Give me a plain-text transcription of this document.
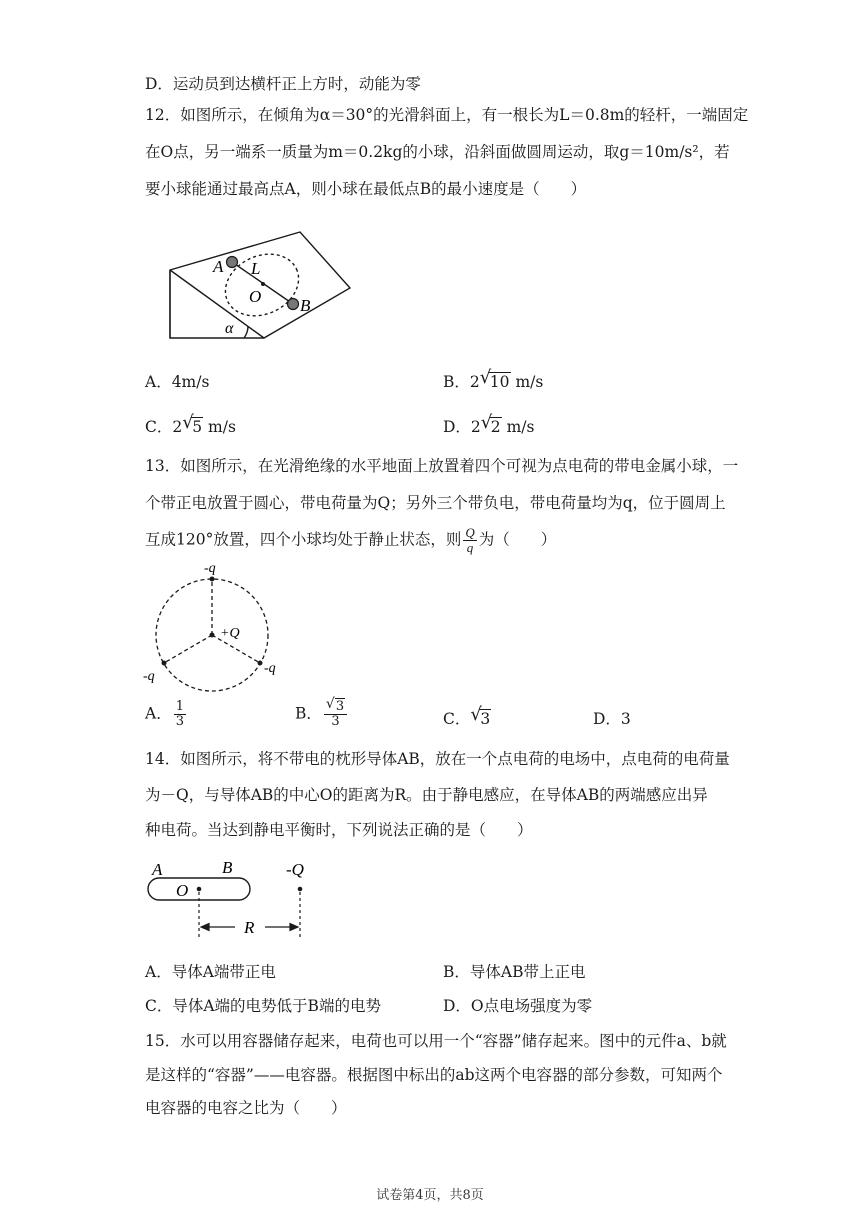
D．运动员到达横杆正上方时，动能为零
12．如图所示，在倾角为α＝30°的光滑斜面上，有一根长为L＝0.8m的轻杆，一端固定
在O点，另一端系一质量为m＝0.2kg的小球，沿斜面做圆周运动，取g＝10m/s²，若
要小球能通过最高点A，则小球在最低点B的最小速度是（　　）
A L
O B
α
A．4m/s	B．2 √
10 m/s
C．2 √
5 m/s	D．2 √
2 m/s
13．如图所示，在光滑绝缘的水平地面上放置着四个可视为点电荷的带电金属小球，一
个带正电放置于圆心，带电荷量为Q；另外三个带负电，带电荷量均为q，位于圆周上
互成120°放置，四个小球均处于静止状态，则 $\frac{Q}{q}$ 为（　　）
-q
+Q
-q
-q
A． $\frac{1}{3}$	B． $\frac{√ 3}{3}$	C． √
3	D．3
14．如图所示，将不带电的枕形导体AB，放在一个点电荷的电场中，点电荷的电荷量
为－Q，与导体AB的中心O的距离为R。由于静电感应，在导体AB的两端感应出异
种电荷。当达到静电平衡时，下列说法正确的是（　　）
A	B
O
-Q
R
A．导体A端带正电	B．导体AB带上正电
C．导体A端的电势低于B端的电势	D．O点电场强度为零
15．水可以用容器储存起来，电荷也可以用一个“容器”储存起来。图中的元件a、b就
是这样的“容器”——电容器。根据图中标出的ab这两个电容器的部分参数，可知两个
电容器的电容之比为（　　）
试卷第4页，共8页
